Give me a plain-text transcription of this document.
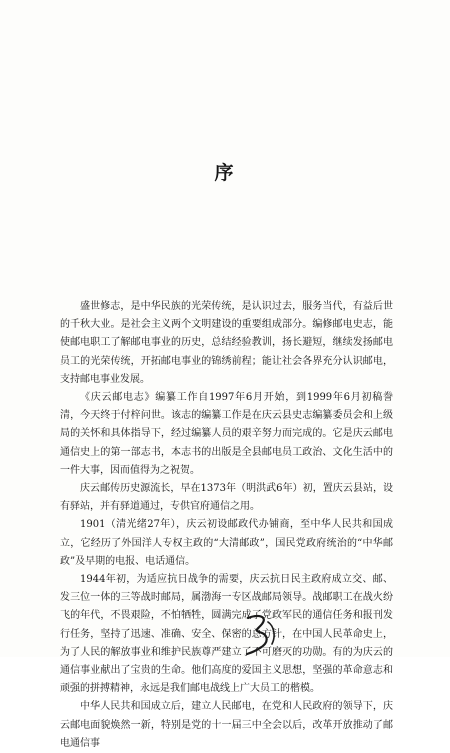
序

盛世修志，是中华民族的光荣传统，是认识过去，服务当代，有益后世的千秋大业。是社会主义两个文明建设的重要组成部分。编修邮电史志，能使邮电职工了解邮电事业的历史，总结经验教训，扬长避短，继续发扬邮电员工的光荣传统，开拓邮电事业的锦绣前程；能让社会各界充分认识邮电，支持邮电事业发展。

《庆云邮电志》编纂工作自1997年6月开始，到1999年6月初稿誊清，今天终于付梓问世。该志的编纂工作是在庆云县史志编纂委员会和上级局的关怀和具体指导下，经过编纂人员的艰辛努力而完成的。它是庆云邮电通信史上的第一部志书，本志书的出版是全县邮电员工政治、文化生活中的一件大事，因而值得为之祝贺。

庆云邮传历史源流长，早在1373年（明洪武6年）初，置庆云县站，设有驿站，并有驿道通过，专供官府通信之用。

1901（清光绪27年），庆云初设邮政代办铺商，至中华人民共和国成立，它经历了外国洋人专权主政的“大清邮政”，国民党政府统治的“中华邮政”及早期的电报、电话通信。

1944年初，为适应抗日战争的需要，庆云抗日民主政府成立交、邮、发三位一体的三等战时邮局，属渤海一专区战邮局领导。战邮职工在战火纷飞的年代，不畏艰险，不怕牺牲，圆满完成了党政军民的通信任务和报刊发行任务，坚持了迅速、准确、安全、保密的总方针，在中国人民革命史上，为了人民的解放事业和维护民族尊严建立了不可磨灭的功勋。有的为庆云的通信事业献出了宝贵的生命。他们高度的爱国主义思想，坚强的革命意志和顽强的拼搏精神，永远是我们邮电战线上广大员工的楷模。

中华人民共和国成立后，建立人民邮电，在党和人民政府的领导下，庆云邮电面貌焕然一新，特别是党的十一届三中全会以后，改革开放推动了邮电通信事
